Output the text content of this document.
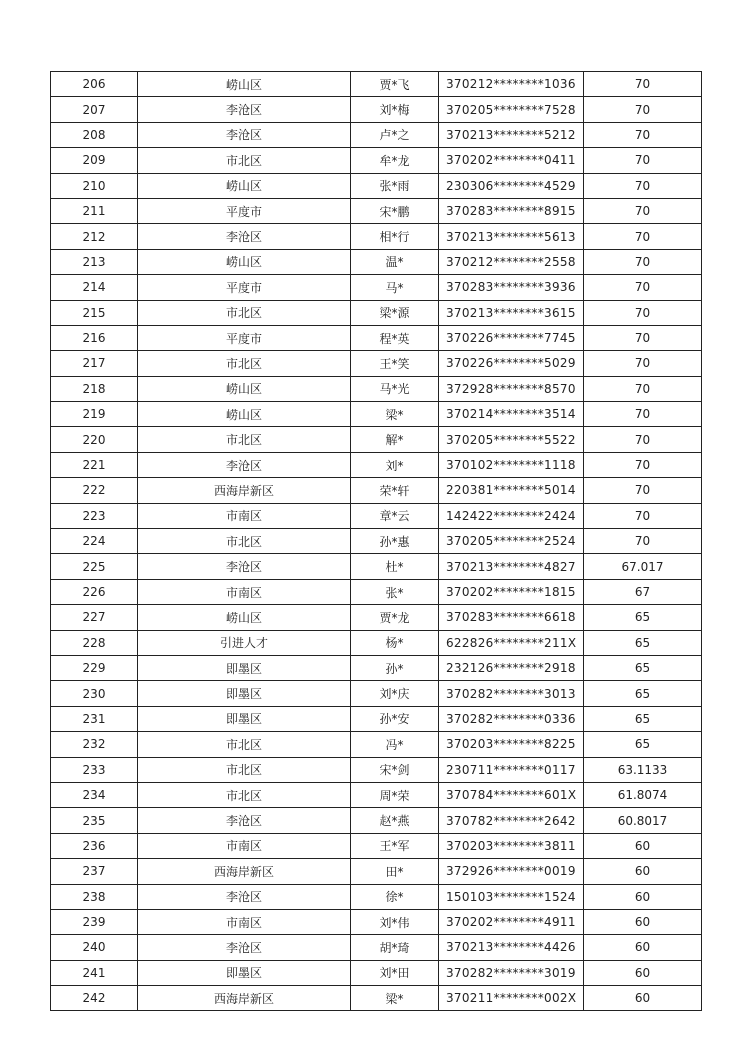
206	崂山区	贾*飞	370212********1036	70
207	李沧区	刘*梅	370205********7528	70
208	李沧区	卢*之	370213********5212	70
209	市北区	牟*龙	370202********0411	70
210	崂山区	张*雨	230306********4529	70
211	平度市	宋*鹏	370283********8915	70
212	李沧区	相*行	370213********5613	70
213	崂山区	温*	370212********2558	70
214	平度市	马*	370283********3936	70
215	市北区	梁*源	370213********3615	70
216	平度市	程*英	370226********7745	70
217	市北区	王*笑	370226********5029	70
218	崂山区	马*光	372928********8570	70
219	崂山区	梁*	370214********3514	70
220	市北区	解*	370205********5522	70
221	李沧区	刘*	370102********1118	70
222	西海岸新区	荣*轩	220381********5014	70
223	市南区	章*云	142422********2424	70
224	市北区	孙*惠	370205********2524	70
225	李沧区	杜*	370213********4827	67.017
226	市南区	张*	370202********1815	67
227	崂山区	贾*龙	370283********6618	65
228	引进人才	杨*	622826********211X	65
229	即墨区	孙*	232126********2918	65
230	即墨区	刘*庆	370282********3013	65
231	即墨区	孙*安	370282********0336	65
232	市北区	冯*	370203********8225	65
233	市北区	宋*剑	230711********0117	63.1133
234	市北区	周*荣	370784********601X	61.8074
235	李沧区	赵*燕	370782********2642	60.8017
236	市南区	王*军	370203********3811	60
237	西海岸新区	田*	372926********0019	60
238	李沧区	徐*	150103********1524	60
239	市南区	刘*伟	370202********4911	60
240	李沧区	胡*琦	370213********4426	60
241	即墨区	刘*田	370282********3019	60
242	西海岸新区	梁*	370211********002X	60
